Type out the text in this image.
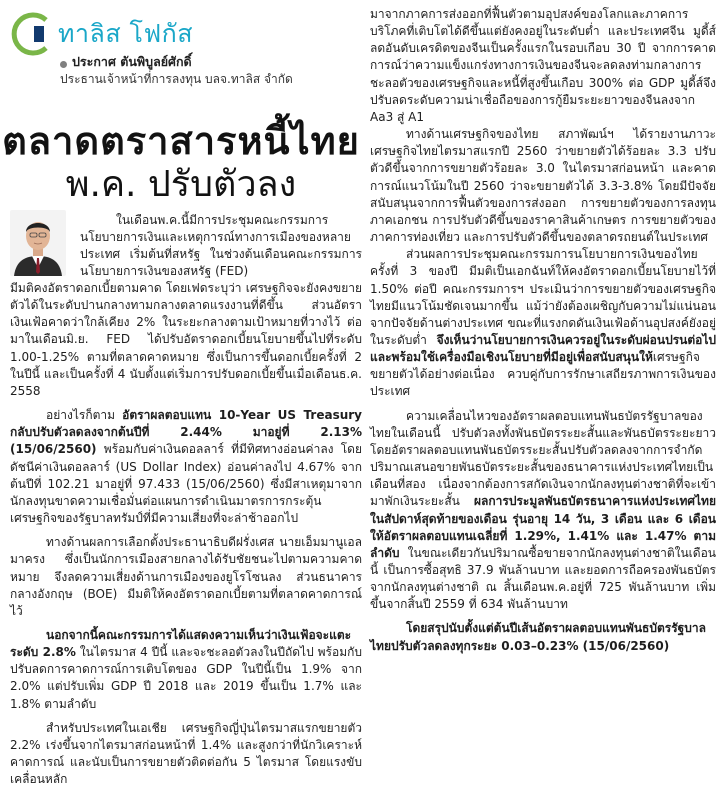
ทาลิส โฟกัส
ประกาศ ตันพิบูลย์ศักดิ์
ประธานเจ้าหน้าที่การลงทุน บลจ.ทาลิส จำกัด
ตลาดตราสารหนี้ไทย
พ.ค. ปรับตัวลง

ในเดือนพ.ค.นี้มีการประชุมคณะกรรมการนโยบายการเงินและเหตุการณ์ทางการเมืองของหลายประเทศ เริ่มต้นที่สหรัฐ ในช่วงต้นเดือนคณะกรรมการนโยบายการเงินของสหรัฐ (FED)

มีมติคงอัตราดอกเบี้ยตามคาด โดยเฟดระบุว่า เศรษฐกิจจะยังคงขยายตัวได้ในระดับปานกลางทามกลางตลาดแรงงานที่ดีขึ้น ส่วนอัตราเงินเฟ้อคาดว่าใกล้เคียง 2% ในระยะกลางตามเป้าหมายที่วางไว้ ต่อมาในเดือนมิ.ย. FED ได้ปรับอัตราดอกเบี้ยนโยบายขึ้นไปที่ระดับ 1.00-1.25% ตามที่ตลาดคาดหมาย ซึ่งเป็นการขึ้นดอกเบี้ยครั้งที่ 2 ในปีนี้ และเป็นครั้งที่ 4 นับตั้งแต่เริ่มการปรับดอกเบี้ยขึ้นเมื่อเดือนธ.ค. 2558

อย่างไรก็ตาม อัตราผลตอบแทน 10-Year US Treasury กลับปรับตัวลดลงจากต้นปีที่ 2.44% มาอยู่ที่ 2.13% (15/06/2560) พร้อมกับค่าเงินดอลลาร์ ที่มีทิศทางอ่อนค่าลง โดยดัชนีค่าเงินดอลลาร์ (US Dollar Index) อ่อนค่าลงไป 4.67% จากต้นปีที่ 102.21 มาอยู่ที่ 97.433 (15/06/2560) ซึ่งมีสาเหตุมาจากนักลงทุนขาดความเชื่อมั่นต่อแผนการดำเนินมาตรการกระตุ้นเศรษฐกิจของรัฐบาลทรัมป์ที่มีความเสี่ยงที่จะล่าช้าออกไป

ทางด้านผลการเลือกตั้งประธานาธิบดีฝรั่งเศส นายเอ็มมานูเอล มาครง ซึ่งเป็นนักการเมืองสายกลางได้รับชัยชนะไปตามความคาดหมาย จึงลดความเสี่ยงด้านการเมืองของยูโรโซนลง ส่วนธนาคารกลางอังกฤษ (BOE) มีมติให้คงอัตราดอกเบี้ยตามที่ตลาดคาดการณ์ไว้

นอกจากนี้คณะกรรมการได้แสดงความเห็นว่าเงินเฟ้อจะแตะระดับ 2.8% ในไตรมาส 4 ปีนี้ และจะชะลอตัวลงในปีถัดไป พร้อมกับปรับลดการคาดการณ์การเติบโตของ GDP ในปีนี้เป็น 1.9% จาก 2.0% แต่ปรับเพิ่ม GDP ปี 2018 และ 2019 ขึ้นเป็น 1.7% และ 1.8% ตามลำดับ

สำหรับประเทศในเอเชีย เศรษฐกิจญี่ปุ่นไตรมาสแรกขยายตัว 2.2% เร่งขึ้นจากไตรมาสก่อนหน้าที่ 1.4% และสูงกว่าที่นักวิเคราะห์คาดการณ์ และนับเป็นการขยายตัวติดต่อกัน 5 ไตรมาส โดยแรงขับเคลื่อนหลัก

มาจากภาคการส่งออกที่ฟื้นตัวตามอุปสงค์ของโลกและภาคการบริโภคที่เติบโตได้ดีขึ้นแต่ยังคงอยู่ในระดับต่ำ และประเทศจีน มูดี้ส์ลดอันดับเครดิตของจีนเป็นครั้งแรกในรอบเกือบ 30 ปี จากการคาดการณ์ว่าความแข็งแกร่งทางการเงินของจีนจะลดลงท่ามกลางการชะลอตัวของเศรษฐกิจและหนี้ที่สูงขึ้นเกือบ 300% ต่อ GDP มูดี้ส์จึงปรับลดระดับความน่าเชื่อถือของการกู้ยืมระยะยาวของจีนลงจาก Aa3 สู่ A1

ทางด้านเศรษฐกิจของไทย สภาพัฒน์ฯ ได้รายงานภาวะเศรษฐกิจไทยไตรมาสแรกปี 2560 ว่าขยายตัวได้ร้อยละ 3.3 ปรับตัวดีขึ้นจากการขยายตัวร้อยละ 3.0 ในไตรมาสก่อนหน้า และคาดการณ์แนวโน้มในปี 2560 ว่าจะขยายตัวได้ 3.3-3.8% โดยมีปัจจัยสนับสนุนจากการฟื้นตัวของการส่งออก การขยายตัวของการลงทุนภาคเอกชน การปรับตัวดีขึ้นของราคาสินค้าเกษตร การขยายตัวของภาคการท่องเที่ยว และการปรับตัวดีขึ้นของตลาดรถยนต์ในประเทศ

ส่วนผลการประชุมคณะกรรมการนโยบายการเงินของไทยครั้งที่ 3 ของปี มีมติเป็นเอกฉันท์ให้คงอัตราดอกเบี้ยนโยบายไว้ที่ 1.50% ต่อปี คณะกรรมการฯ ประเมินว่าการขยายตัวของเศรษฐกิจไทยมีแนวโน้มชัดเจนมากขึ้น แม้ว่ายังต้องเผชิญกับความไม่แน่นอนจากปัจจัยด้านต่างประเทศ ขณะที่แรงกดดันเงินเฟ้อด้านอุปสงค์ยังอยู่ในระดับต่ำ จึงเห็นว่านโยบายการเงินควรอยู่ในระดับผ่อนปรนต่อไป และพร้อมใช้เครื่องมือเชิงนโยบายที่มีอยู่เพื่อสนับสนุนให้เศรษฐกิจขยายตัวได้อย่างต่อเนื่อง ควบคู่กับการรักษาเสถียรภาพการเงินของประเทศ

ความเคลื่อนไหวของอัตราผลตอบแทนพันธบัตรรัฐบาลของไทยในเดือนนี้ ปรับตัวลงทั้งพันธบัตรระยะสั้นและพันธบัตรระยะยาว โดยอัตราผลตอบแทนพันธบัตรระยะสั้นปรับตัวลดลงจากการจำกัดปริมาณเสนอขายพันธบัตรระยะสั้นของธนาคารแห่งประเทศไทยเป็นเดือนที่สอง เนื่องจากต้องการสกัดเงินจากนักลงทุนต่างชาติที่จะเข้ามาพักเงินระยะสั้น ผลการประมูลพันธบัตรธนาคารแห่งประเทศไทยในสัปดาห์สุดท้ายของเดือน รุ่นอายุ 14 วัน, 3 เดือน และ 6 เดือน ให้อัตราผลตอบแทนเฉลี่ยที่ 1.29%, 1.41% และ 1.47% ตามลำดับ ในขณะเดียวกันปริมาณซื้อขายจากนักลงทุนต่างชาติในเดือนนี้ เป็นการซื้อสุทธิ 37.9 พันล้านบาท และยอดการถือครองพันธบัตรจากนักลงทุนต่างชาติ ณ สิ้นเดือนพ.ค.อยู่ที่ 725 พันล้านบาท เพิ่มขึ้นจากสิ้นปี 2559 ที่ 634 พันล้านบาท

โดยสรุปนับตั้งแต่ต้นปีเส้นอัตราผลตอบแทนพันธบัตรรัฐบาลไทยปรับตัวลดลงทุกระยะ 0.03–0.23% (15/06/2560)
